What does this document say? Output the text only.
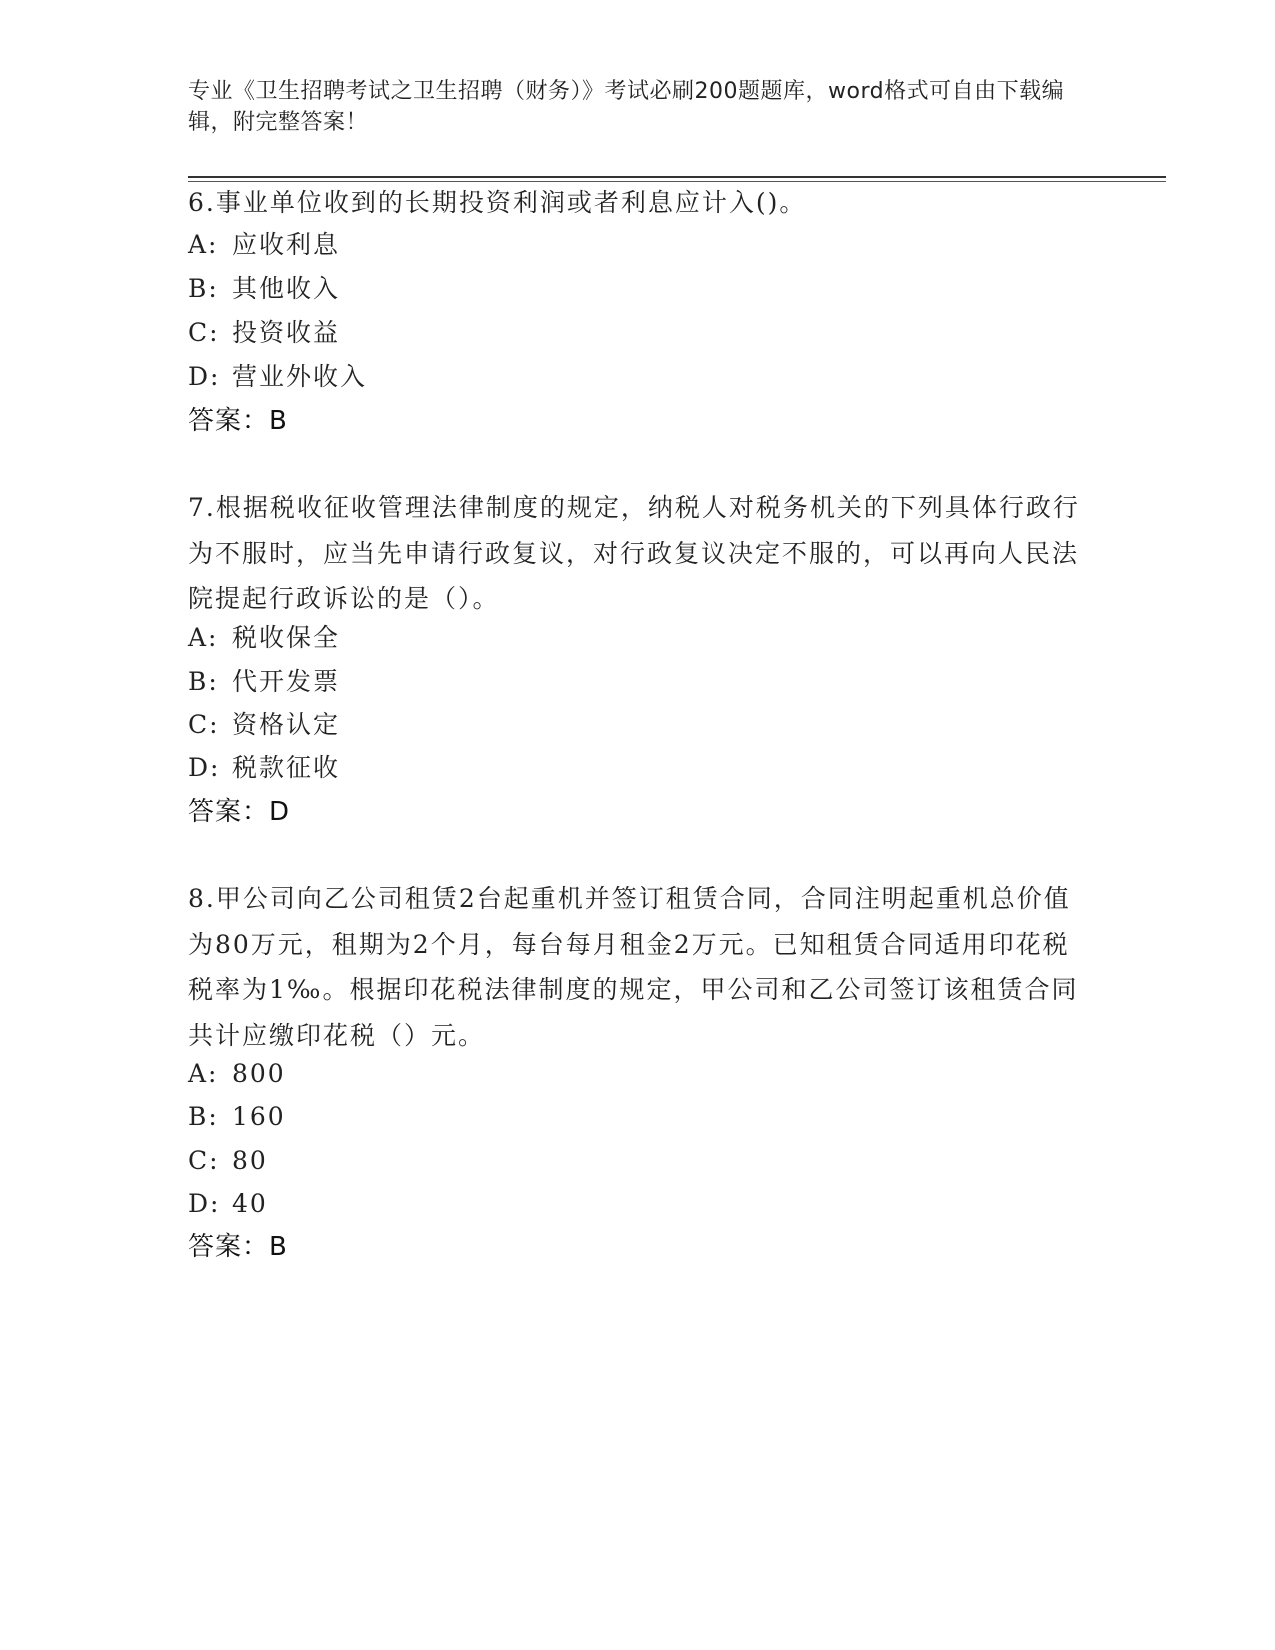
专业《卫生招聘考试之卫生招聘（财务）》考试必刷200题题库，word格式可自由下载编辑，附完整答案！
6.事业单位收到的长期投资利润或者利息应计入()。
A: 应收利息
B: 其他收入
C: 投资收益
D: 营业外收入
答案：B
7.根据税收征收管理法律制度的规定，纳税人对税务机关的下列具体行政行为不服时，应当先申请行政复议，对行政复议决定不服的，可以再向人民法院提起行政诉讼的是（）。
A: 税收保全
B: 代开发票
C: 资格认定
D: 税款征收
答案：D
8.甲公司向乙公司租赁2台起重机并签订租赁合同，合同注明起重机总价值为80万元，租期为2个月，每台每月租金2万元。已知租赁合同适用印花税税率为1‰。根据印花税法律制度的规定，甲公司和乙公司签订该租赁合同共计应缴印花税（）元。
A: 800
B: 160
C: 80
D: 40
答案：B
